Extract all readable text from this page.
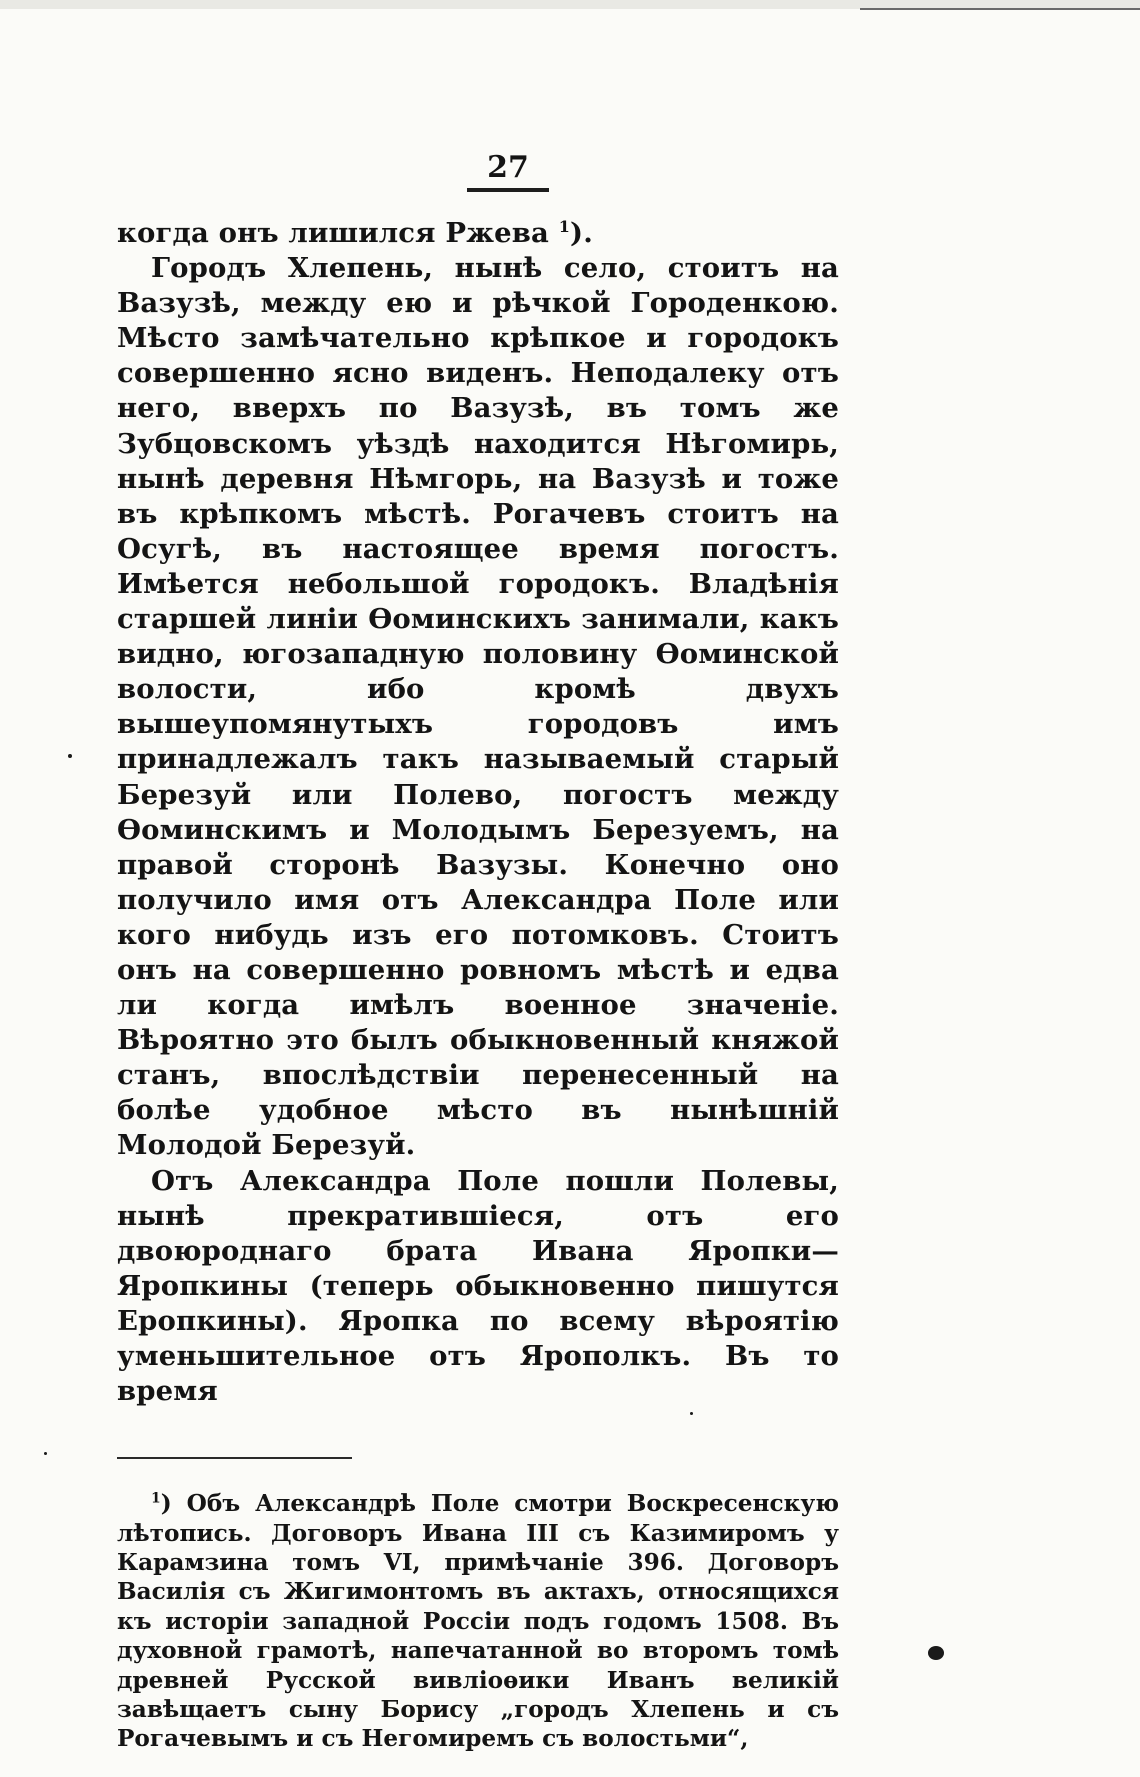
27

когда онъ лишился Ржева $^1$).

Городъ Хлепень, нынѣ село, стоитъ на Вазузѣ, между ею и рѣчкой Городенкою. Мѣсто замѣчательно крѣпкое и городокъ совершенно ясно виденъ. Неподалеку отъ него, вверхъ по Вазузѣ, въ томъ же Зубцовскомъ уѣздѣ находится Нѣгомирь, нынѣ деревня Нѣмгорь, на Вазузѣ и тоже въ крѣпкомъ мѣстѣ. Рогачевъ стоитъ на Осугѣ, въ настоящее время погостъ. Имѣется небольшой городокъ. Владѣнія старшей линіи Ѳоминскихъ занимали, какъ видно, югозападную половину Ѳоминской волости, ибо кромѣ двухъ вышеупомянутыхъ городовъ имъ принадлежалъ такъ называемый старый Березуй или Полево, погостъ между Ѳоминскимъ и Молодымъ Березуемъ, на правой сторонѣ Вазузы. Конечно оно получило имя отъ Александра Поле или кого нибудь изъ его потомковъ. Стоитъ онъ на совершенно ровномъ мѣстѣ и едва ли когда имѣлъ военное значеніе. Вѣроятно это былъ обыкновенный княжой станъ, впослѣдствіи перенесенный на болѣе удобное мѣсто въ нынѣшній Молодой Березуй.

Отъ Александра Поле пошли Полевы, нынѣ прекратившіеся, отъ его двоюроднаго брата Ивана Яропки—Яропкины (теперь обыкновенно пишутся Еропкины). Яропка по всему вѣроятію уменьшительное отъ Ярополкъ. Въ то время

$^1$) Объ Александрѣ Поле смотри Воскресенскую лѣтопись. Договоръ Ивана III съ Казимиромъ у Карамзина томъ VI, примѣчаніе 396. Договоръ Василія съ Жигимонтомъ въ актахъ, относящихся къ исторіи западной Россіи подъ годомъ 1508. Въ духовной грамотѣ, напечатанной во второмъ томѣ древней Русской вивліоѳики Иванъ великій завѣщаетъ сыну Борису „городъ Хлепень и съ Рогачевымъ и съ Негомиремъ съ волостьми“,
